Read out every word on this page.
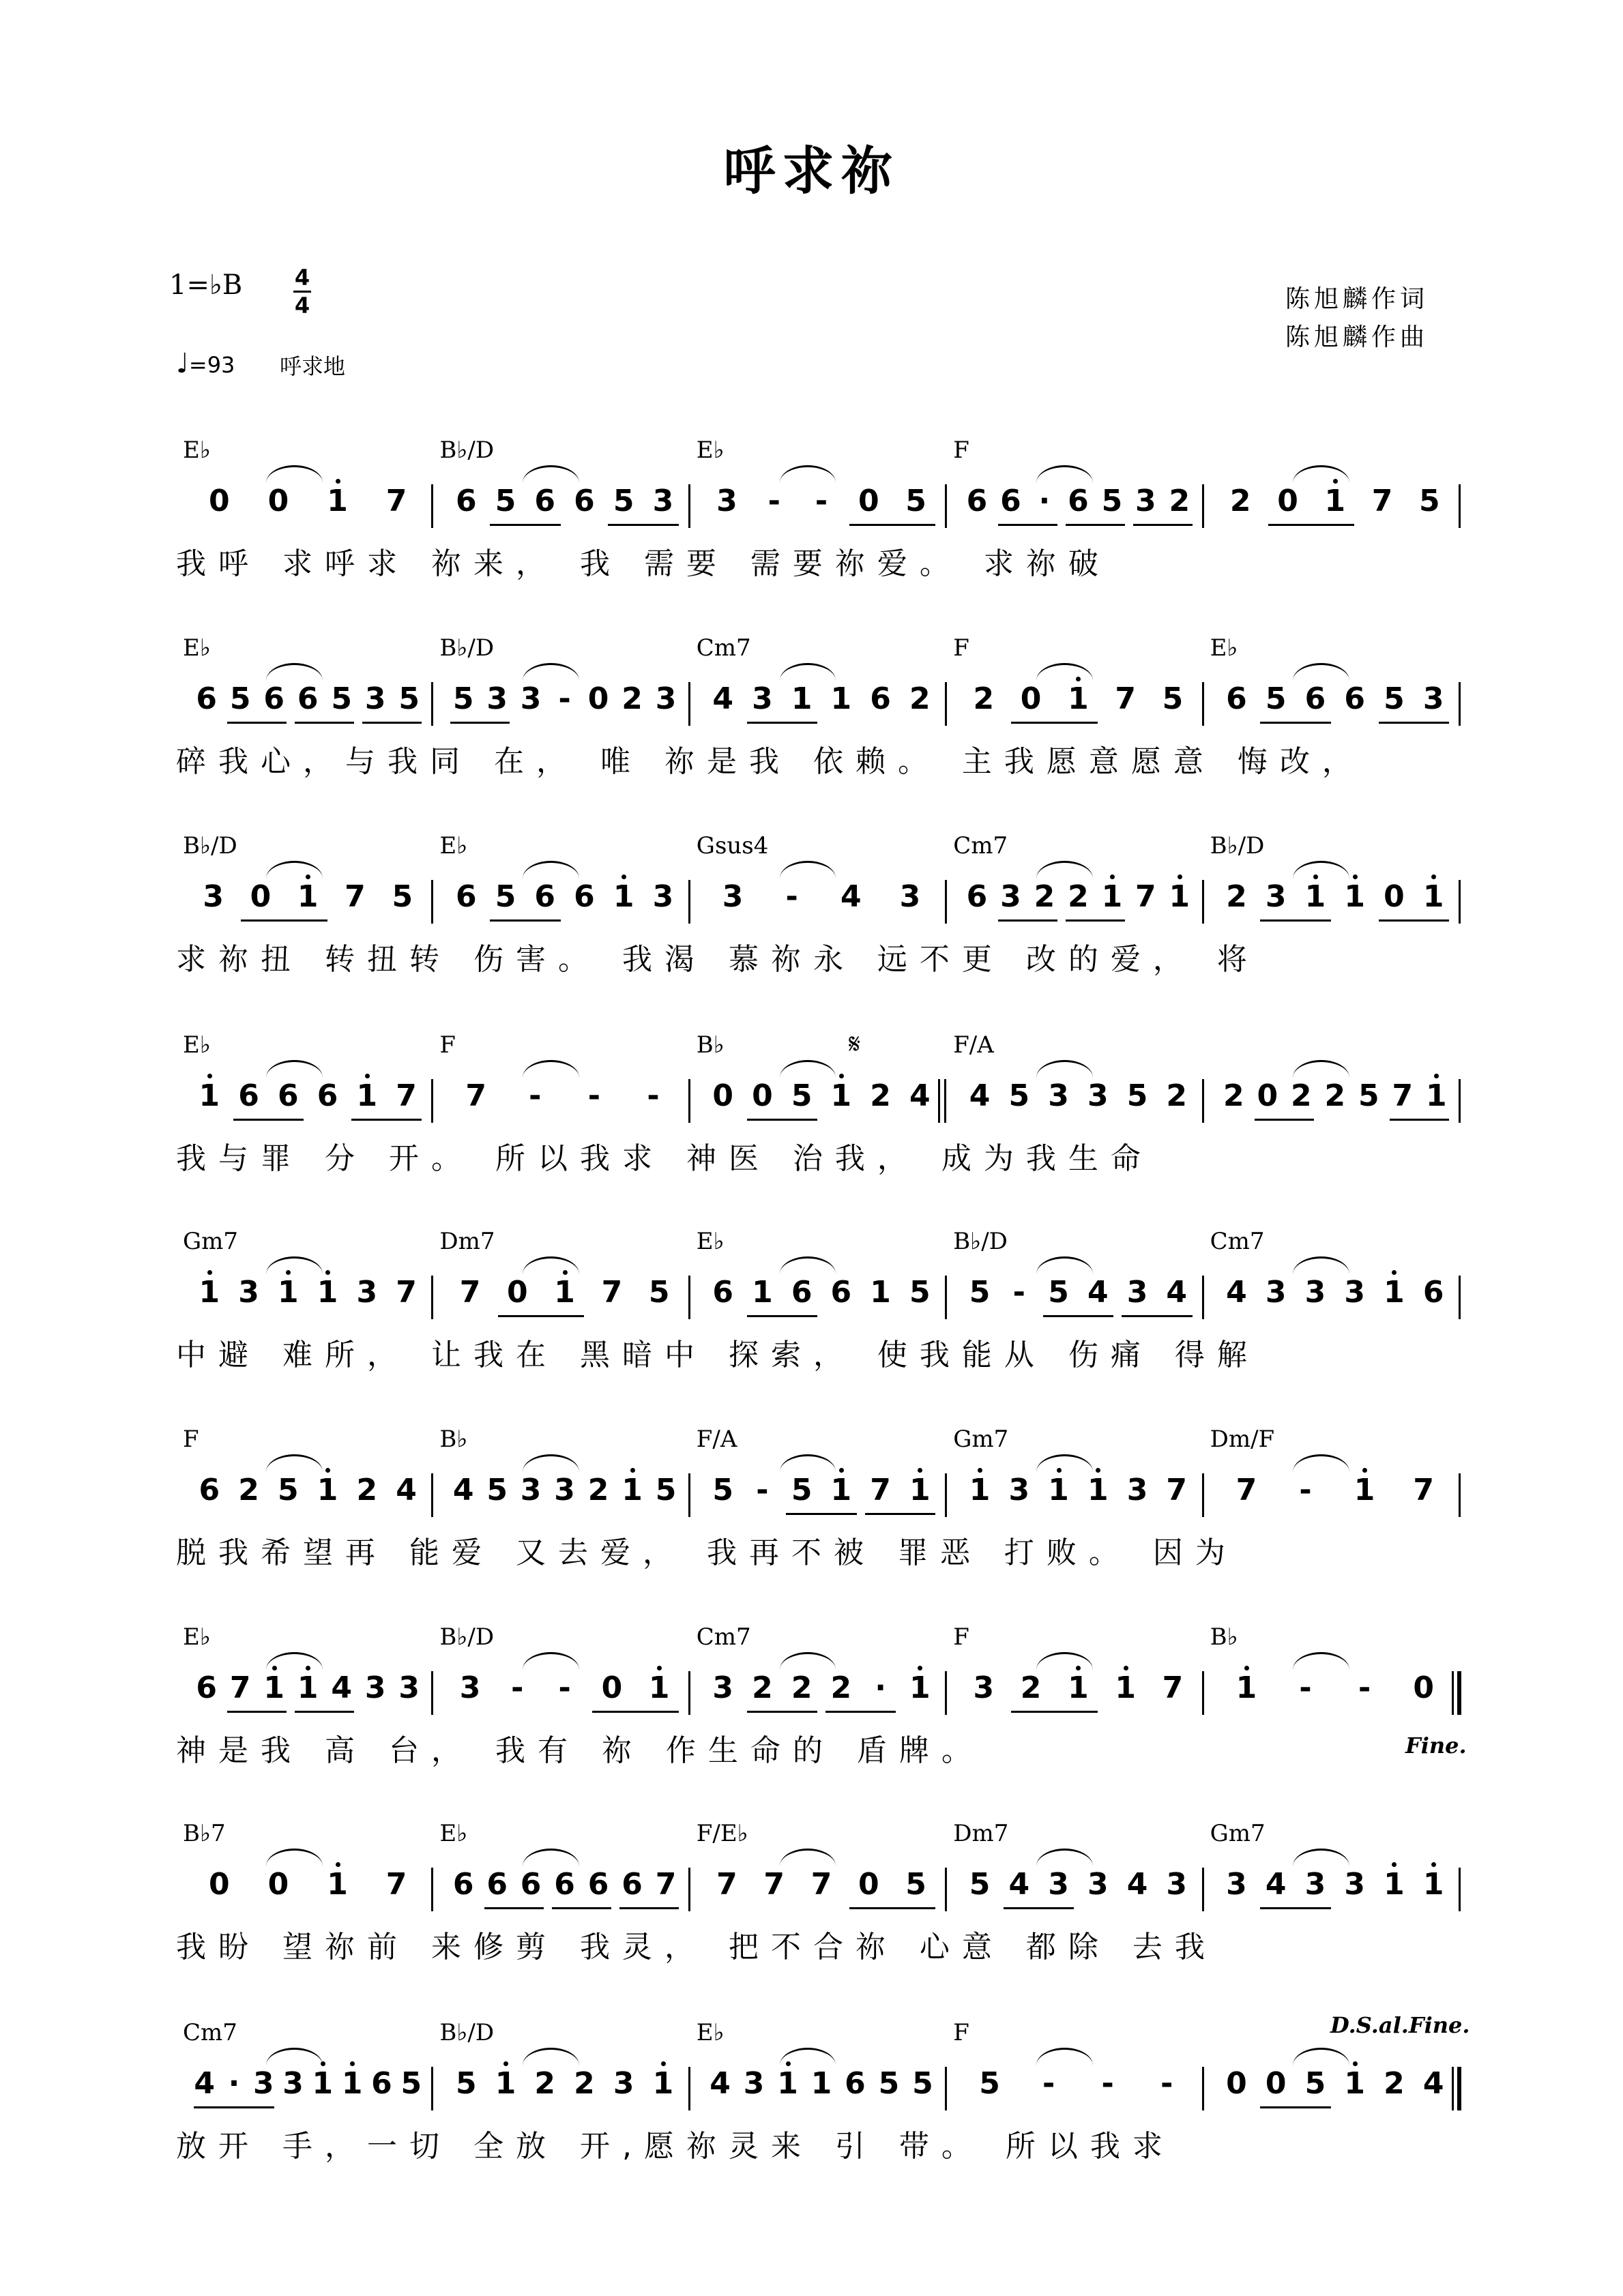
呼求祢
1=♭B 4
4
♩=93 呼求地
陈旭麟作词
陈旭麟作曲
0 0 1 7 6 5 6 6 5 3 3 - - 0 5 6 6 · 6 5 3 2 2 0 1 7 5
E♭	B♭/D	E♭	F
我呼 求呼求 祢来， 我 需要 需要祢爱。 求祢破
6 5 6 6 5 3 5 5 3 3 - 0 2 3 4 3 1 1 6 2 2 0 1 7 5 6 5 6 6 5 3
E♭	B♭/D	Cm7	F	E♭
碎我心，与我同 在， 唯 祢是我 依赖。 主我愿意愿意 悔改，
3 0 1 7 5 6 5 6 6 1 3 3 - 4 3 6 3 2 2 1 7 1 2 3 1 1 0 1
B♭/D	E♭	Gsus4	Cm7	B♭/D
求祢扭 转扭转 伤害。 我渴 慕祢永 远不更 改的爱， 将
1 6 6 6 1 7 7 - - - 0 0 5 1 2 4 4 5 3 3 5 2 2 0 2 2 5 7 1
E♭	F	B♭	F/A
我与罪 分 开。 所以我求 神医 治我， 成为我生命
1 3 1 1 3 7 7 0 1 7 5 6 1 6 6 1 5 5 - 5 4 3 4 4 3 3 3 1 6
Gm7	Dm7	E♭	B♭/D	Cm7
中避 难所， 让我在 黑暗中 探索， 使我能从 伤痛 得解
6 2 5 1 2 4 4 5 3 3 2 1 5 5 - 5 1 7 1 1 3 1 1 3 7 7 - 1 7
F	B♭	F/A	Gm7	Dm/F
脱我希望再 能爱 又去爱， 我再不被 罪恶 打败。 因为
6 7 1 1 4 3 3 3 - - 0 1 3 2 2 2 · 1 3 2 1 1 7 1 - - 0
E♭	B♭/D	Cm7	F	B♭
神是我 高 台， 我有 祢 作生命的 盾牌。
0 0 1 7 6 6 6 6 6 6 7 7 7 7 0 5 5 4 3 3 4 3 3 4 3 3 1 1
B♭7	E♭	F/E♭	Dm7	Gm7
我盼 望祢前 来修剪 我灵， 把不合祢 心意 都除 去我
4 · 3 3 1 1 6 5 5 1 2 2 3 1 4 3 1 1 6 5 5 5 - - - 0 0 5 1 2 4
Cm7	B♭/D	E♭	F
放开 手，一切 全放 开,愿祢灵来 引 带。 所以我求
Fine.
D.S.al.Fine.
𝄋
